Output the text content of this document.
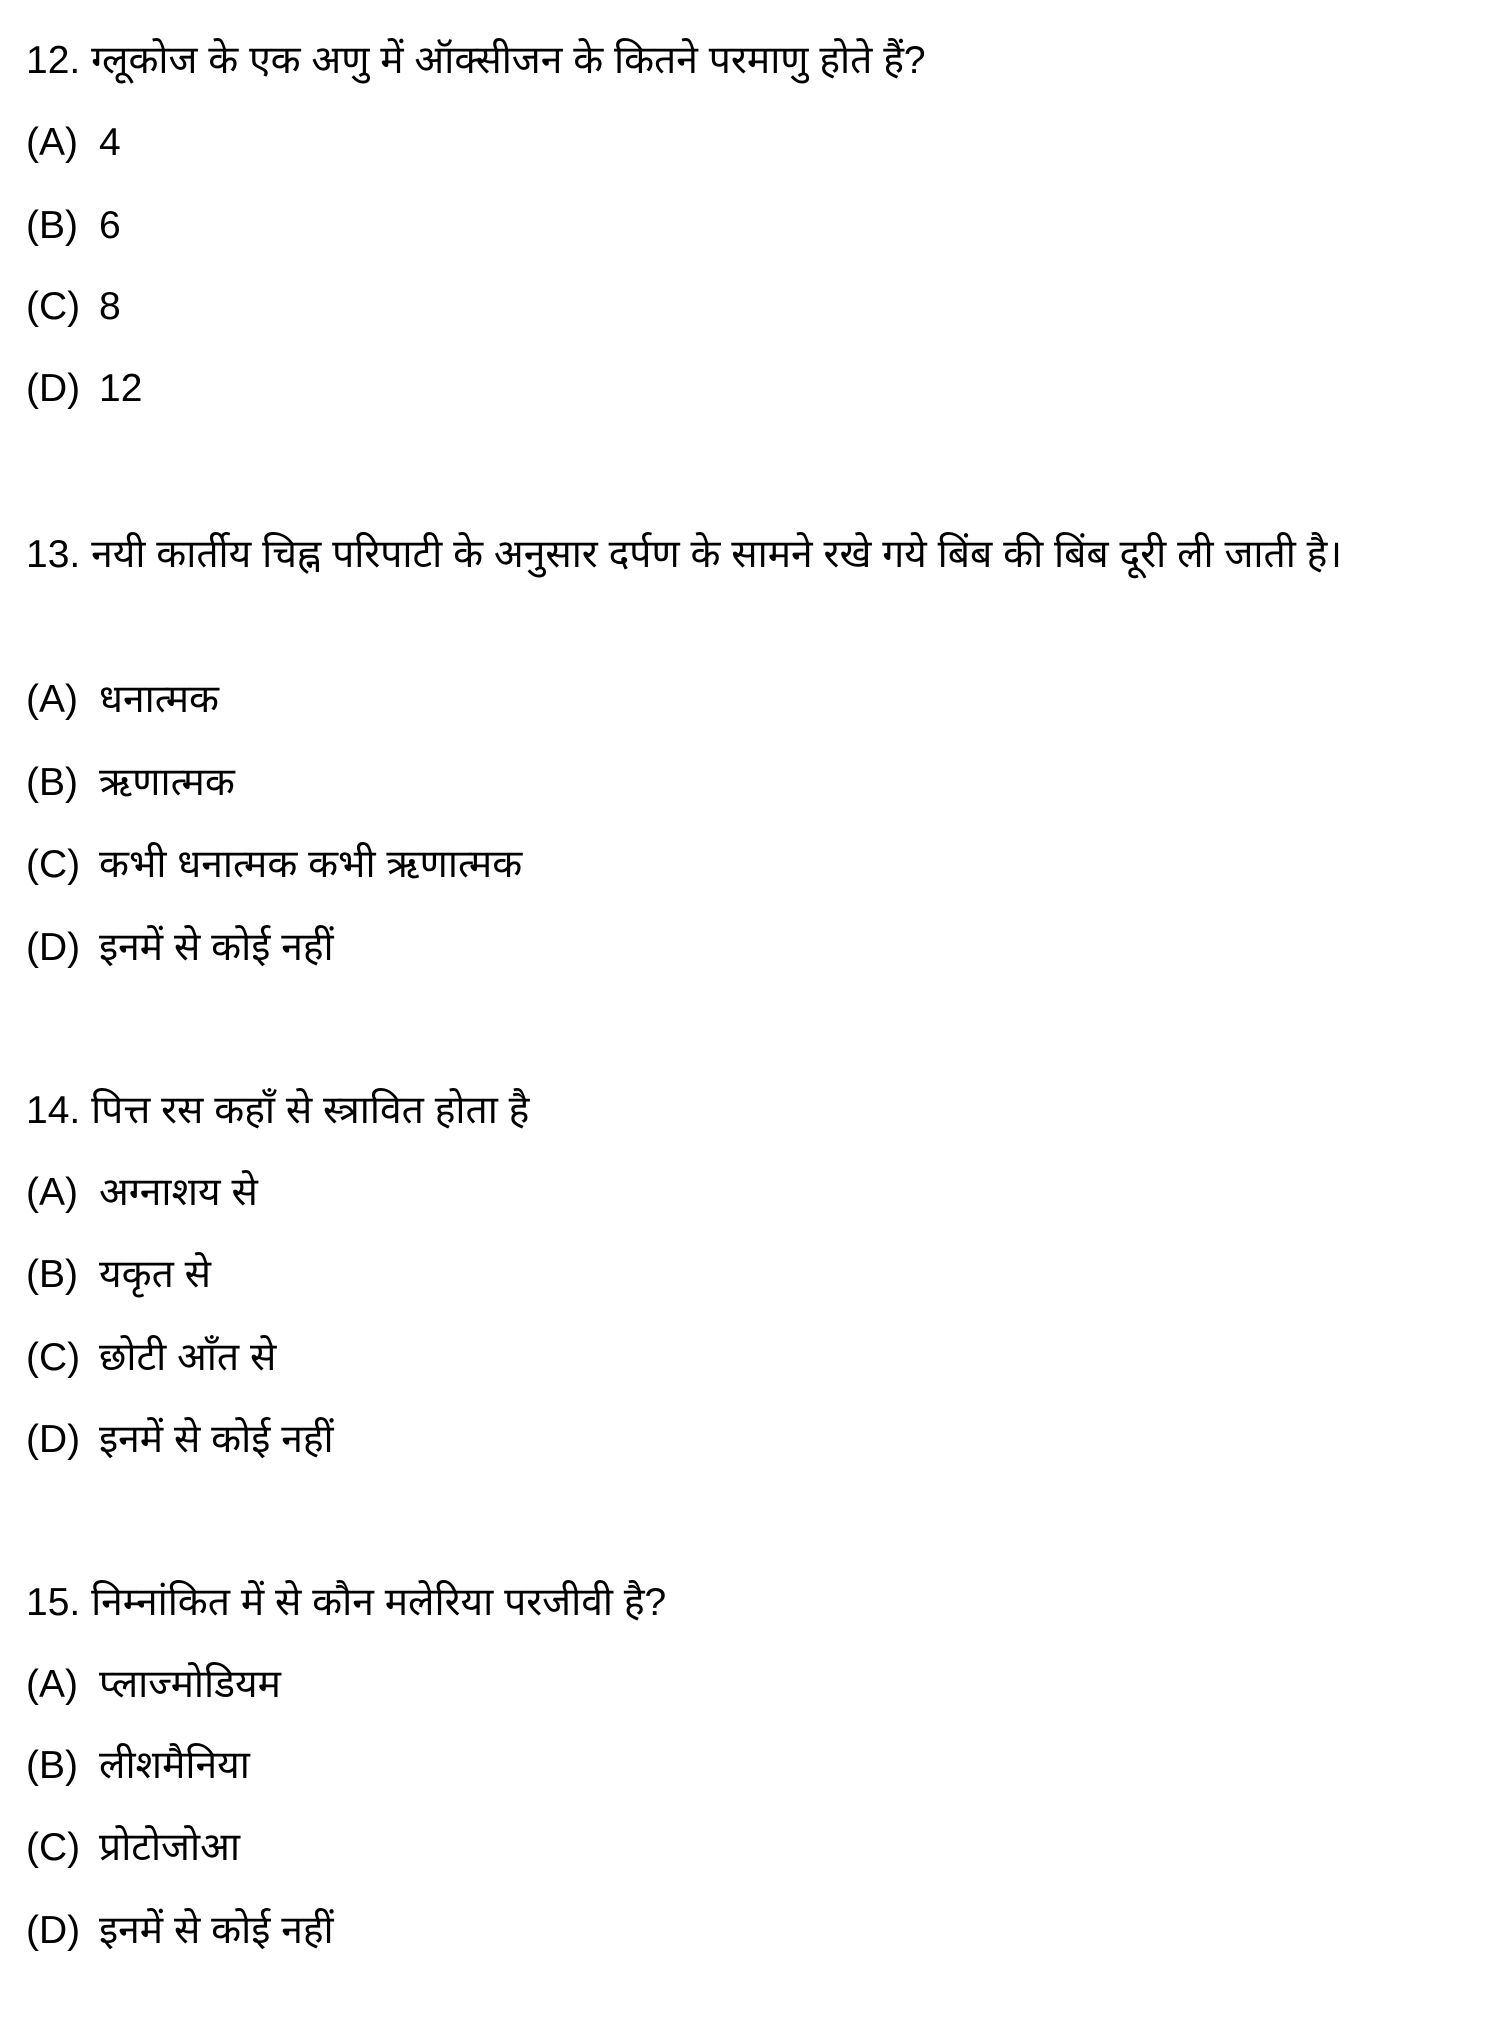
12. ग्लूकोज के एक अणु में ऑक्सीजन के कितने परमाणु होते हैं?
(A) 4
(B) 6
(C) 8
(D) 12
13. नयी कार्तीय चिह्न परिपाटी के अनुसार दर्पण के सामने रखे गये बिंब की बिंब दूरी ली जाती है।
(A) धनात्मक
(B) ऋणात्मक
(C) कभी धनात्मक कभी ऋणात्मक
(D) इनमें से कोई नहीं
14. पित्त रस कहाँ से स्त्रावित होता है
(A) अग्नाशय से
(B) यकृत से
(C) छोटी आँत से
(D) इनमें से कोई नहीं
15. निम्नांकित में से कौन मलेरिया परजीवी है?
(A) प्लाज्मोडियम
(B) लीशमैनिया
(C) प्रोटोजोआ
(D) इनमें से कोई नहीं
